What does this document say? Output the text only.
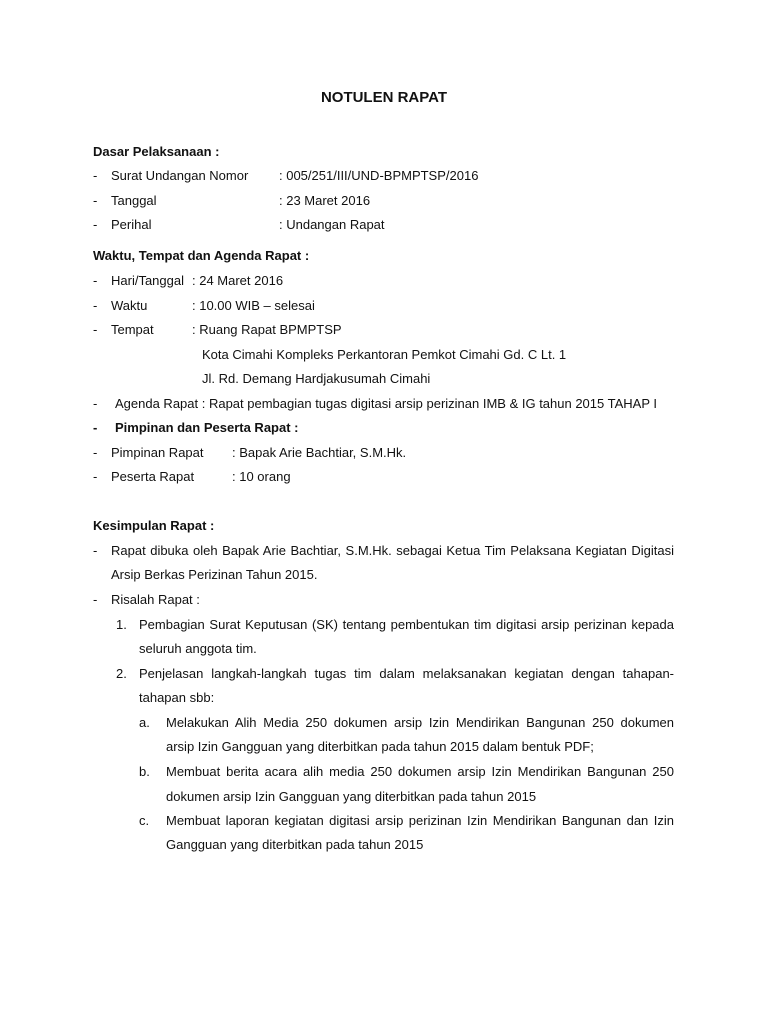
NOTULEN RAPAT
Dasar Pelaksanaan :
- Surat Undangan Nomor : 005/251/III/UND-BPMPTSP/2016
- Tanggal	: 23 Maret 2016
- Perihal	: Undangan Rapat
Waktu, Tempat dan Agenda Rapat :
- Hari/Tanggal : 24 Maret 2016
- Waktu	: 10.00 WIB – selesai
- Tempat	: Ruang Rapat BPMPTSP
Kota Cimahi Kompleks Perkantoran Pemkot Cimahi Gd. C Lt. 1
Jl. Rd. Demang Hardjakusumah Cimahi
- Agenda Rapat : Rapat pembagian tugas digitasi arsip perizinan IMB & IG tahun 2015 TAHAP I
- Pimpinan dan Peserta Rapat :
- Pimpinan Rapat : Bapak Arie Bachtiar, S.M.Hk.
- Peserta Rapat	: 10 orang
Kesimpulan Rapat :
- Rapat dibuka oleh Bapak Arie Bachtiar, S.M.Hk. sebagai Ketua Tim Pelaksana Kegiatan Digitasi
Arsip Berkas Perizinan Tahun 2015.
- Risalah Rapat :
1. Pembagian Surat Keputusan (SK) tentang pembentukan tim digitasi arsip perizinan kepada
seluruh anggota tim.
2. Penjelasan langkah-langkah tugas tim dalam melaksanakan kegiatan dengan tahapan-
tahapan sbb:
a. Melakukan Alih Media 250 dokumen arsip Izin Mendirikan Bangunan 250 dokumen
arsip Izin Gangguan yang diterbitkan pada tahun 2015 dalam bentuk PDF;
b. Membuat berita acara alih media 250 dokumen arsip Izin Mendirikan Bangunan 250
dokumen arsip Izin Gangguan yang diterbitkan pada tahun 2015
c. Membuat laporan kegiatan digitasi arsip perizinan Izin Mendirikan Bangunan dan Izin
Gangguan yang diterbitkan pada tahun 2015
